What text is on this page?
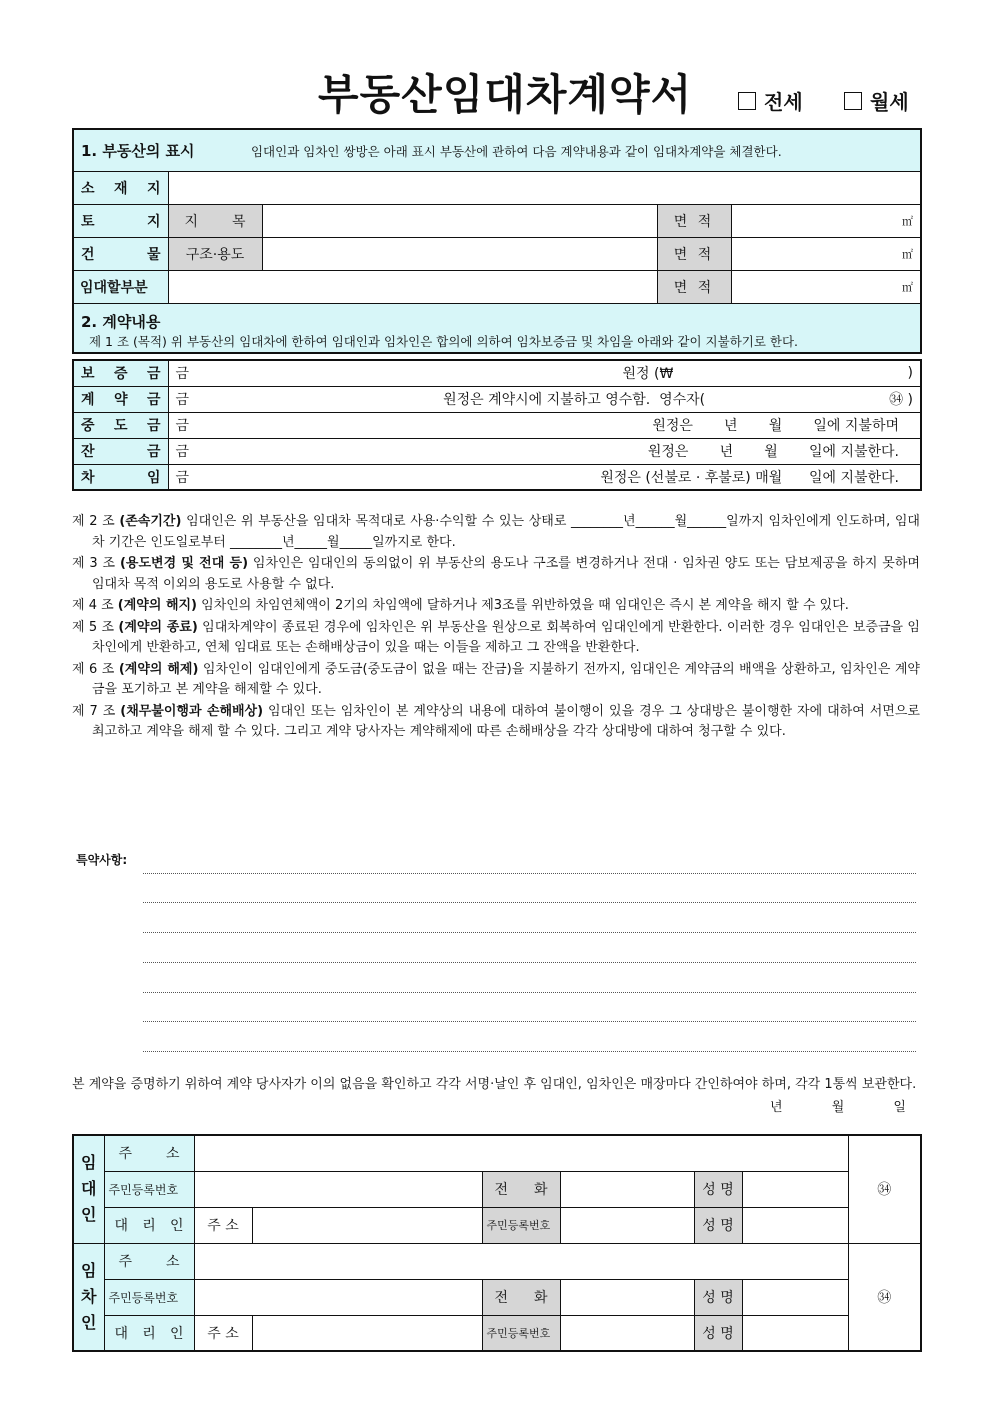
부동산임대차계약서	전세	월세
1. 부동산의 표시 임대인과 임차인 쌍방은 아래 표시 부동산에 관하여 다음 계약내용과 같이 임대차계약을 체결한다.				
소 재 지				
토 지	지 목		면 적	㎡
건 물	구조·용도		면 적	㎡
임대할부분			면 적	㎡

2. 계약내용
제 1 조 (목적) 위 부동산의 임대차에 한하여 임대인과 임차인은 합의에 의하여 임차보증금 및 차임을 아래와 같이 지불하기로 한다.				
보 증 금	금 원정 (₩ )

계 약 금	금 원정은 계약시에 지불하고 영수함.  영수자( ㉞ )

중 도 금	금 원정은       년       월       일에 지불하며

잔 금	금 원정은       년       월       일에 지불한다.

차 임	금 원정은 (선불로 · 후불로) 매월      일에 지불한다.

제 2 조 (존속기간) 임대인은 위 부동산을 임대차 목적대로 사용·수익할 수 있는 상태로 ________년______월______일까지 임차인에게 인도하며, 임대차 기간은 인도일로부터 ________년_____월_____일까지로 한다.

제 3 조 (용도변경 및 전대 등) 임차인은 임대인의 동의없이 위 부동산의 용도나 구조를 변경하거나 전대 · 임차권 양도 또는 담보제공을 하지 못하며 임대차 목적 이외의 용도로 사용할 수 없다.

제 4 조 (계약의 해지) 임차인의 차임연체액이 2기의 차임액에 달하거나 제3조를 위반하였을 때 임대인은 즉시 본 계약을 해지 할 수 있다.

제 5 조 (계약의 종료) 임대차계약이 종료된 경우에 임차인은 위 부동산을 원상으로 회복하여 임대인에게 반환한다. 이러한 경우 임대인은 보증금을 임차인에게 반환하고, 연체 임대료 또는 손해배상금이 있을 때는 이들을 제하고 그 잔액을 반환한다.

제 6 조 (계약의 해제) 임차인이 임대인에게 중도금(중도금이 없을 때는 잔금)을 지불하기 전까지, 임대인은 계약금의 배액을 상환하고, 임차인은 계약금을 포기하고 본 계약을 해제할 수 있다.

제 7 조 (채무불이행과 손해배상) 임대인 또는 임차인이 본 계약상의 내용에 대하여 불이행이 있을 경우 그 상대방은 불이행한 자에 대하여 서면으로 최고하고 계약을 해제 할 수 있다. 그리고 계약 당사자는 계약해제에 따른 손해배상을 각각 상대방에 대하여 청구할 수 있다.

특약사항:
본 계약을 증명하기 위하여 계약 당사자가 이의 없음을 확인하고 각각 서명·날인 후 임대인, 임차인은 매장마다 간인하여야 하며, 각각 1통씩 보관한다.
년 월 일
임 대 인	주 소							㉞
	주민등록번호			전 화		성 명		
	대 리 인	주 소		주민등록번호		성 명		
임 차 인	주 소							㉞
	주민등록번호			전 화		성 명		
	대 리 인	주 소		주민등록번호		성 명		
